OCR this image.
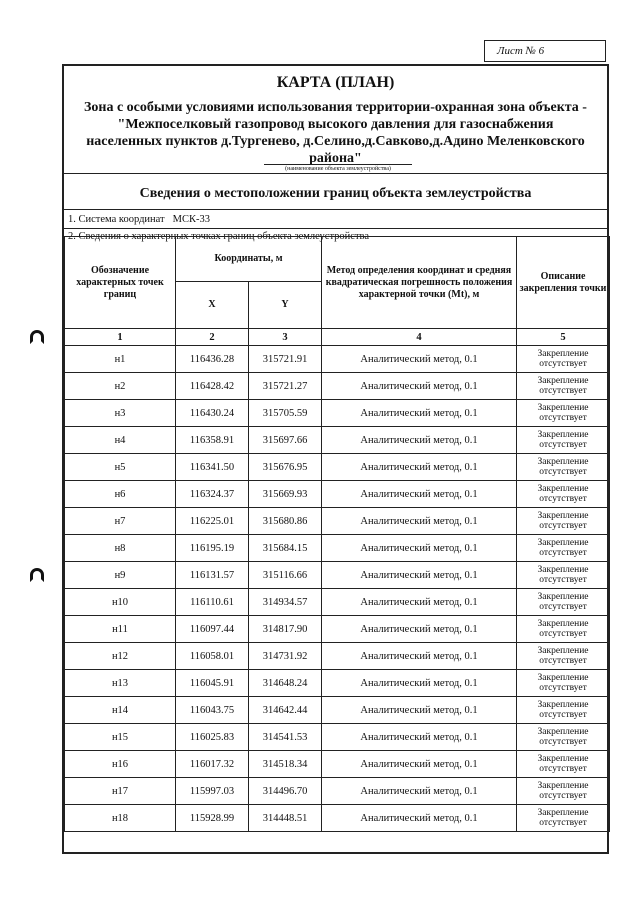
Лист № 6
КАРТА (ПЛАН)
Зона с особыми условиями использования территории-охранная зона объекта -"Межпоселковый газопровод высокого давления для газоснабжения населенных пунктов д.Тургенево, д.Селино,д.Савково,д.Адино Меленковского района"
(наименование объекта землеустройства)
Сведения о местоположении границ объекта землеустройства
1. Система координат МСК-33
2. Сведения о характерных точках границ объекта землеустройства
Обозначение характерных точек границ	Координаты, м		Метод определения координат и средняя квадратическая погрешность положения характерной точки (Mt), м	Описание закрепления точки
	X	Y		
1	2	3	4	5
н1	116436.28	315721.91	Аналитический метод, 0.1	Закрепление отсутствует
н2	116428.42	315721.27	Аналитический метод, 0.1	Закрепление отсутствует
н3	116430.24	315705.59	Аналитический метод, 0.1	Закрепление отсутствует
н4	116358.91	315697.66	Аналитический метод, 0.1	Закрепление отсутствует
н5	116341.50	315676.95	Аналитический метод, 0.1	Закрепление отсутствует
н6	116324.37	315669.93	Аналитический метод, 0.1	Закрепление отсутствует
н7	116225.01	315680.86	Аналитический метод, 0.1	Закрепление отсутствует
н8	116195.19	315684.15	Аналитический метод, 0.1	Закрепление отсутствует
н9	116131.57	315116.66	Аналитический метод, 0.1	Закрепление отсутствует
н10	116110.61	314934.57	Аналитический метод, 0.1	Закрепление отсутствует
н11	116097.44	314817.90	Аналитический метод, 0.1	Закрепление отсутствует
н12	116058.01	314731.92	Аналитический метод, 0.1	Закрепление отсутствует
н13	116045.91	314648.24	Аналитический метод, 0.1	Закрепление отсутствует
н14	116043.75	314642.44	Аналитический метод, 0.1	Закрепление отсутствует
н15	116025.83	314541.53	Аналитический метод, 0.1	Закрепление отсутствует
н16	116017.32	314518.34	Аналитический метод, 0.1	Закрепление отсутствует
н17	115997.03	314496.70	Аналитический метод, 0.1	Закрепление отсутствует
н18	115928.99	314448.51	Аналитический метод, 0.1	Закрепление отсутствует
